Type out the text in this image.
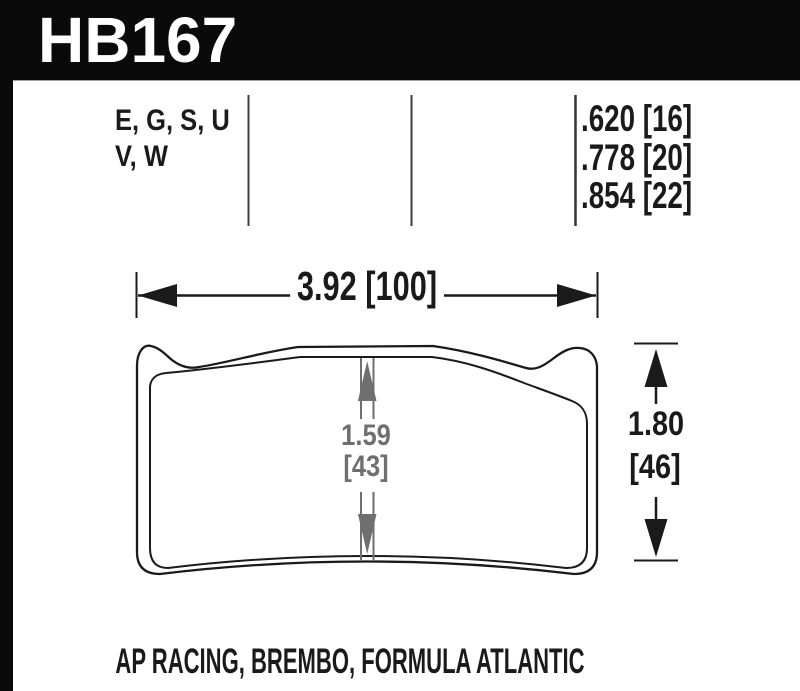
HB167
E, G, S, U
V, W
.620 [16]
.778 [20]
.854 [22]
3.92 [100]
1.59
[43]
1.80
[46]
AP RACING, BREMBO, FORMULA ATLANTIC
